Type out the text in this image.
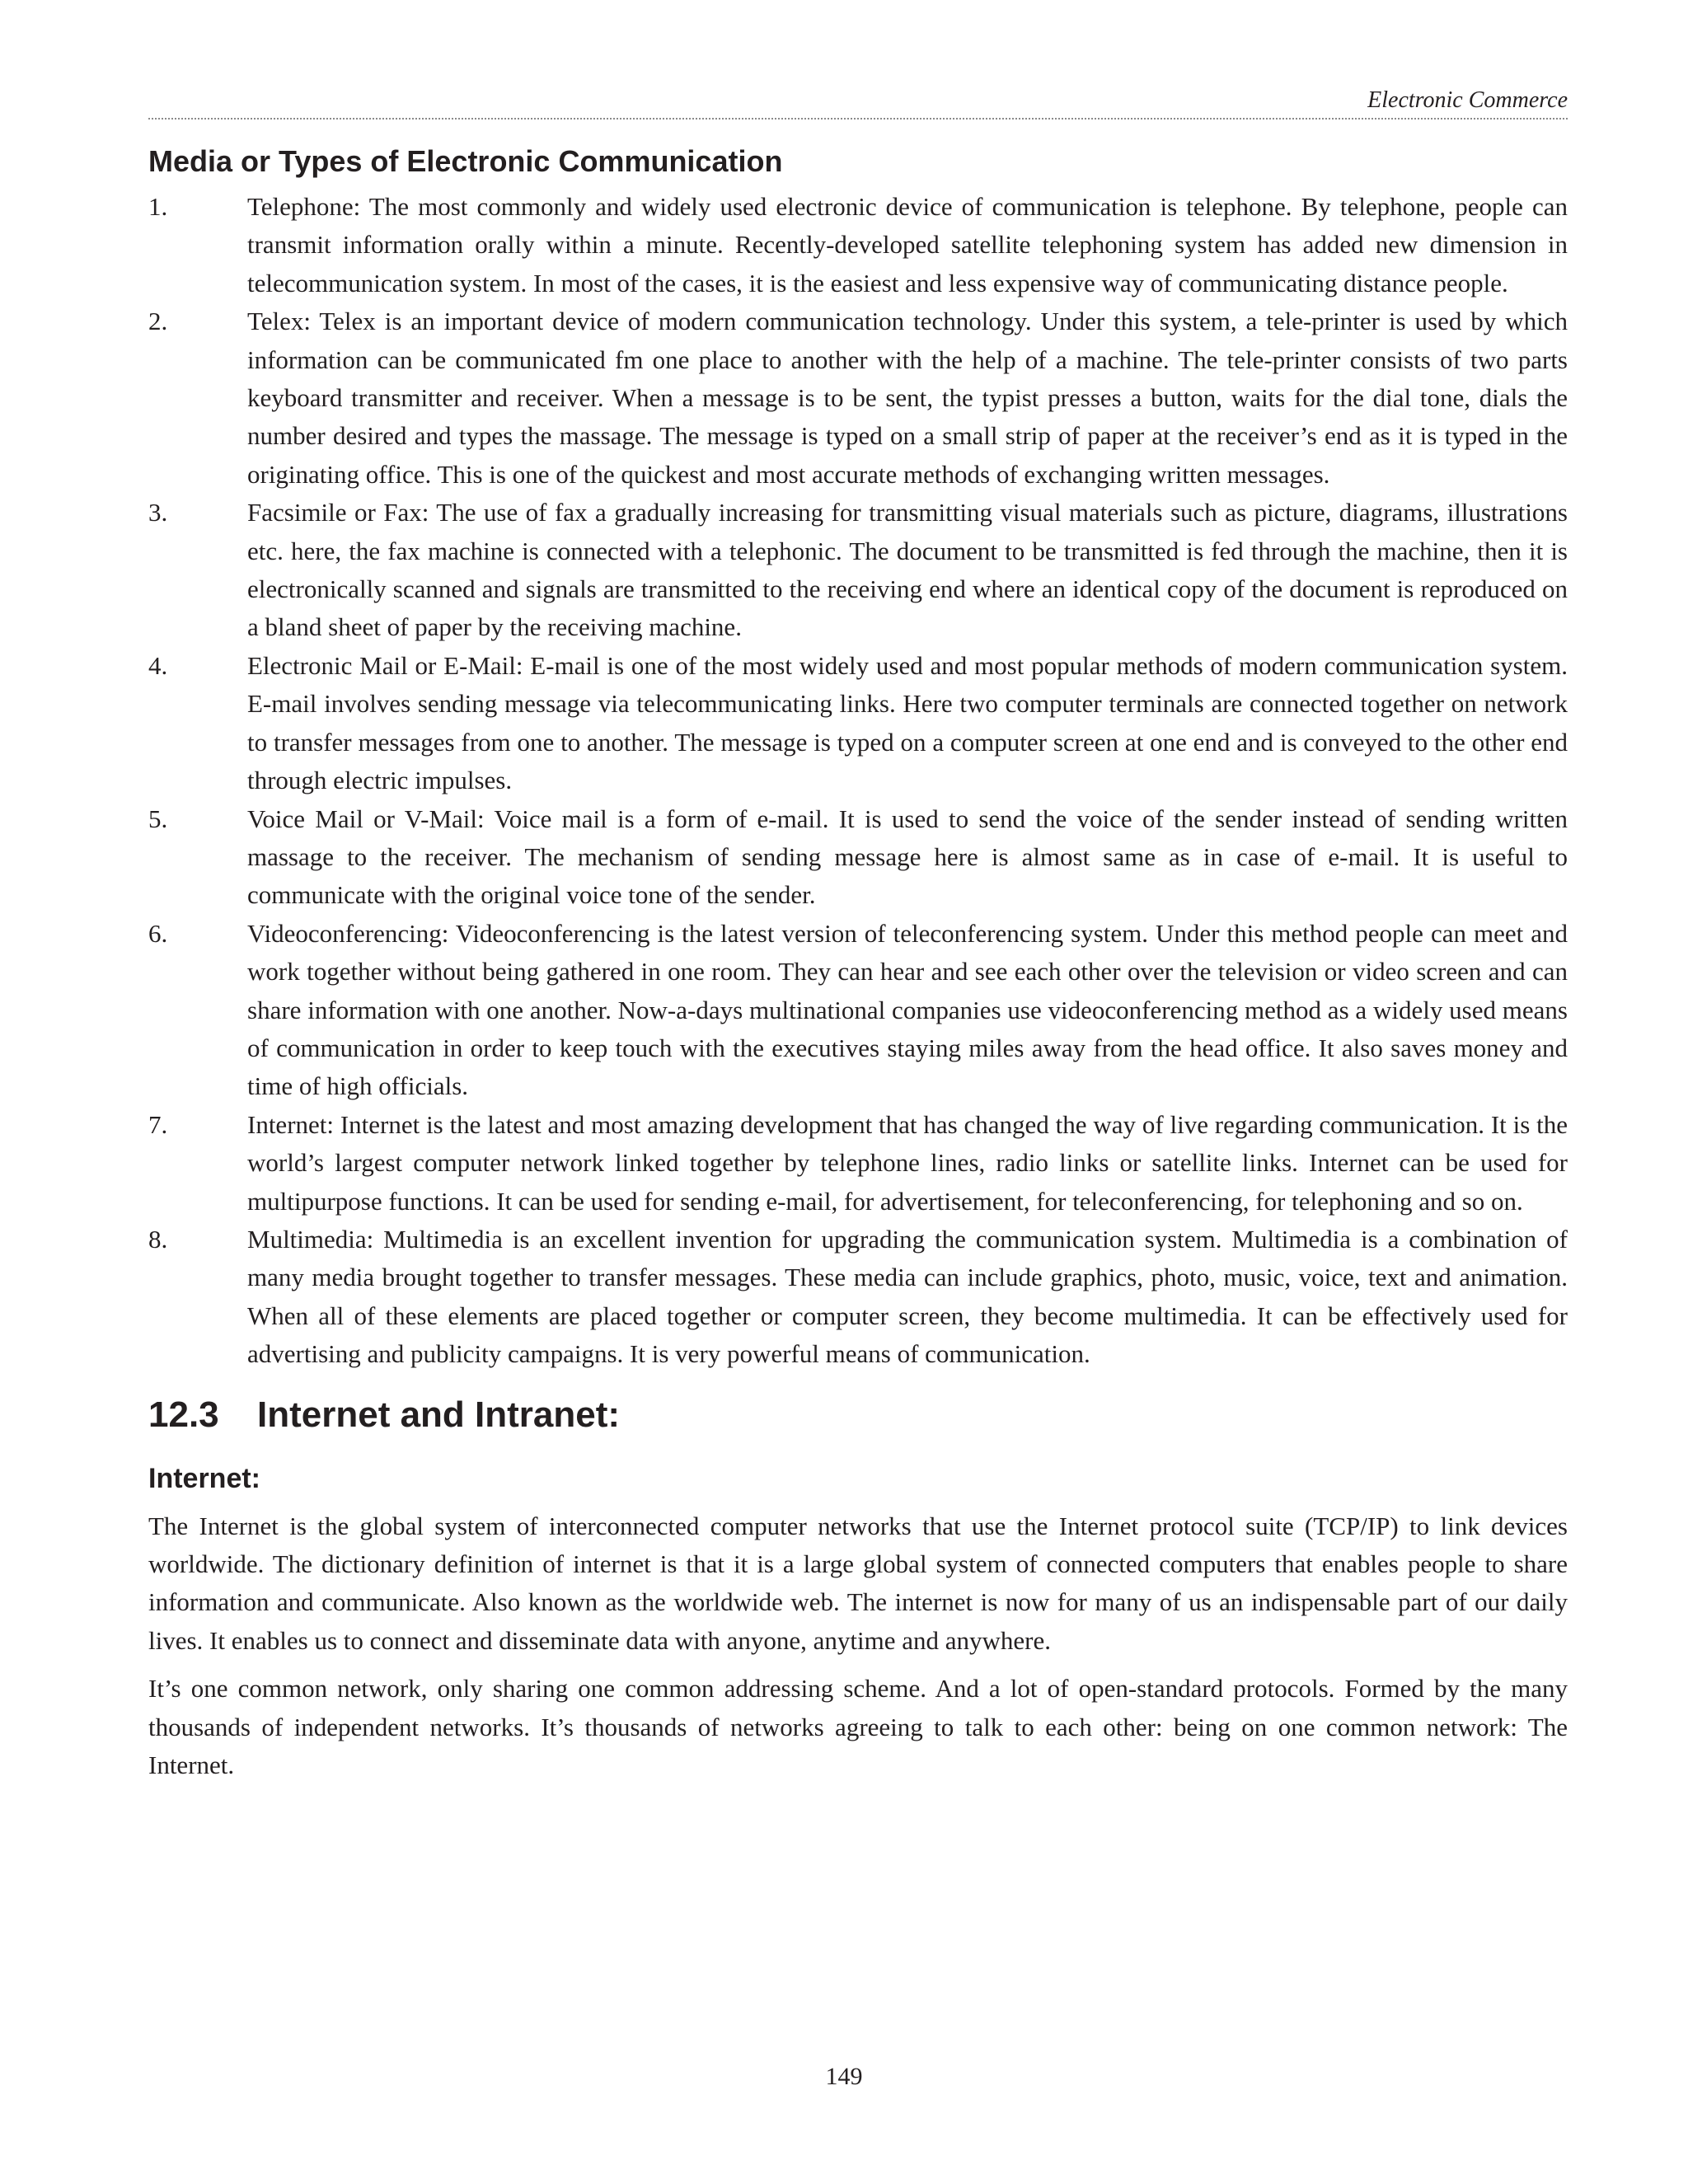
Electronic Commerce
Media or Types of Electronic Communication
1.	Telephone: The most commonly and widely used electronic device of communication is telephone. By telephone, people can transmit information orally within a minute. Recently-developed satellite telephoning system has added new dimension in telecommunication system. In most of the cases, it is the easiest and less expensive way of communicating distance people.

2.	Telex: Telex is an important device of modern communication technology. Under this system, a tele-printer is used by which information can be communicated fm one place to another with the help of a machine. The tele-printer consists of two parts keyboard transmitter and receiver. When a message is to be sent, the typist presses a button, waits for the dial tone, dials the number desired and types the massage. The message is typed on a small strip of paper at the receiver’s end as it is typed in the originating office. This is one of the quickest and most accurate methods of exchanging written messages.

3.	Facsimile or Fax: The use of fax a gradually increasing for transmitting visual materials such as picture, diagrams, illustrations etc. here, the fax machine is connected with a telephonic. The document to be transmitted is fed through the machine, then it is electronically scanned and signals are transmitted to the receiving end where an identical copy of the document is reproduced on a bland sheet of paper by the receiving machine.

4.	Electronic Mail or E-Mail: E-mail is one of the most widely used and most popular methods of modern communication system. E-mail involves sending message via telecommunicating links. Here two computer terminals are connected together on network to transfer messages from one to another. The message is typed on a computer screen at one end and is conveyed to the other end through electric impulses.

5.	Voice Mail or V-Mail: Voice mail is a form of e-mail. It is used to send the voice of the sender instead of sending written massage to the receiver. The mechanism of sending message here is almost same as in case of e-mail. It is useful to communicate with the original voice tone of the sender.

6.	Videoconferencing: Videoconferencing is the latest version of teleconferencing system. Under this method people can meet and work together without being gathered in one room. They can hear and see each other over the television or video screen and can share information with one another. Now-a-days multinational companies use videoconferencing method as a widely used means of communication in order to keep touch with the executives staying miles away from the head office. It also saves money and time of high officials.

7.	Internet: Internet is the latest and most amazing development that has changed the way of live regarding communication. It is the world’s largest computer network linked together by telephone lines, radio links or satellite links. Internet can be used for multipurpose functions. It can be used for sending e-mail, for advertisement, for teleconferencing, for telephoning and so on.

8.	Multimedia: Multimedia is an excellent invention for upgrading the communication system. Multimedia is a combination of many media brought together to transfer messages. These media can include graphics, photo, music, voice, text and animation. When all of these elements are placed together or computer screen, they become multimedia. It can be effectively used for advertising and publicity campaigns. It is very powerful means of communication.

12.3 Internet and Intranet:
Internet:

The Internet is the global system of interconnected computer networks that use the Internet protocol suite (TCP/IP) to link devices worldwide. The dictionary definition of internet is that it is a large global system of connected computers that enables people to share information and communicate. Also known as the worldwide web. The internet is now for many of us an indispensable part of our daily lives. It enables us to connect and disseminate data with anyone, anytime and anywhere.

It’s one common network, only sharing one common addressing scheme. And a lot of open-standard protocols. Formed by the many thousands of independent networks. It’s thousands of networks agreeing to talk to each other: being on one common network: The Internet.

149
